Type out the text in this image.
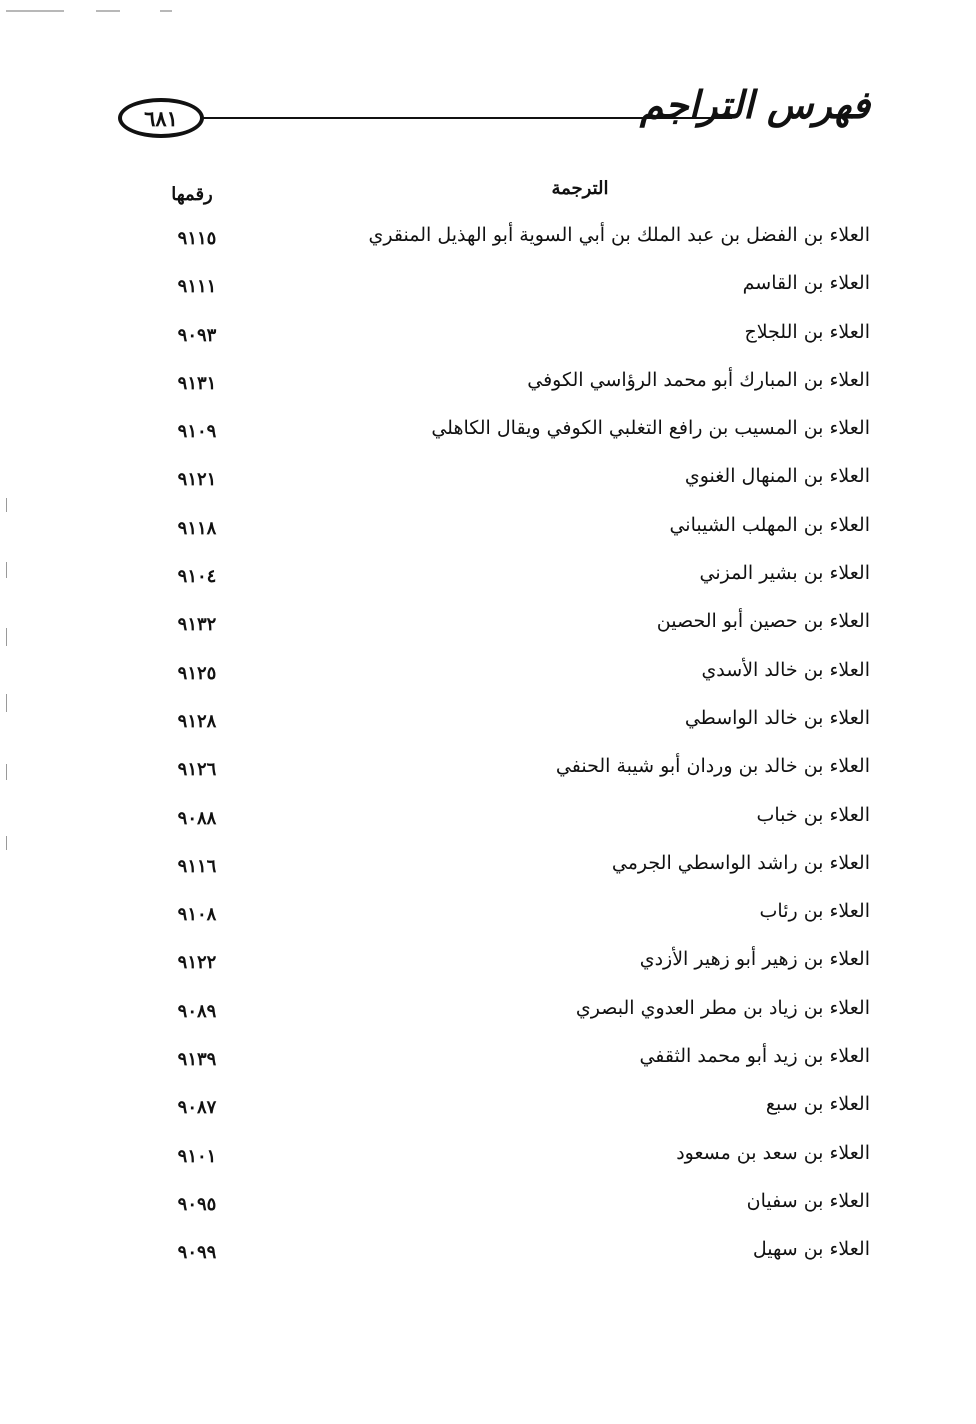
٦٨١	فهرس التراجم
الترجمة
رقمها
العلاء بن الفضل بن عبد الملك بن أبي السوية أبو الهذيل المنقري
٩١١٥
العلاء بن القاسم
٩١١١
العلاء بن اللجلاج
٩٠٩٣
العلاء بن المبارك أبو محمد الرؤاسي الكوفي
٩١٣١
العلاء بن المسيب بن رافع التغلبي الكوفي ويقال الكاهلي
٩١٠٩
العلاء بن المنهال الغنوي
٩١٢١
العلاء بن المهلب الشيباني
٩١١٨
العلاء بن بشير المزني
٩١٠٤
العلاء بن حصين أبو الحصين
٩١٣٢
العلاء بن خالد الأسدي
٩١٢٥
العلاء بن خالد الواسطي
٩١٢٨
العلاء بن خالد بن وردان أبو شيبة الحنفي
٩١٢٦
العلاء بن خباب
٩٠٨٨
العلاء بن راشد الواسطي الجرمي
٩١١٦
العلاء بن رئاب
٩١٠٨
العلاء بن زهير أبو زهير الأزدي
٩١٢٢
العلاء بن زياد بن مطر العدوي البصري
٩٠٨٩
العلاء بن زيد أبو محمد الثقفي
٩١٣٩
العلاء بن سبع
٩٠٨٧
العلاء بن سعد بن مسعود
٩١٠١
العلاء بن سفيان
٩٠٩٥
العلاء بن سهيل
٩٠٩٩
